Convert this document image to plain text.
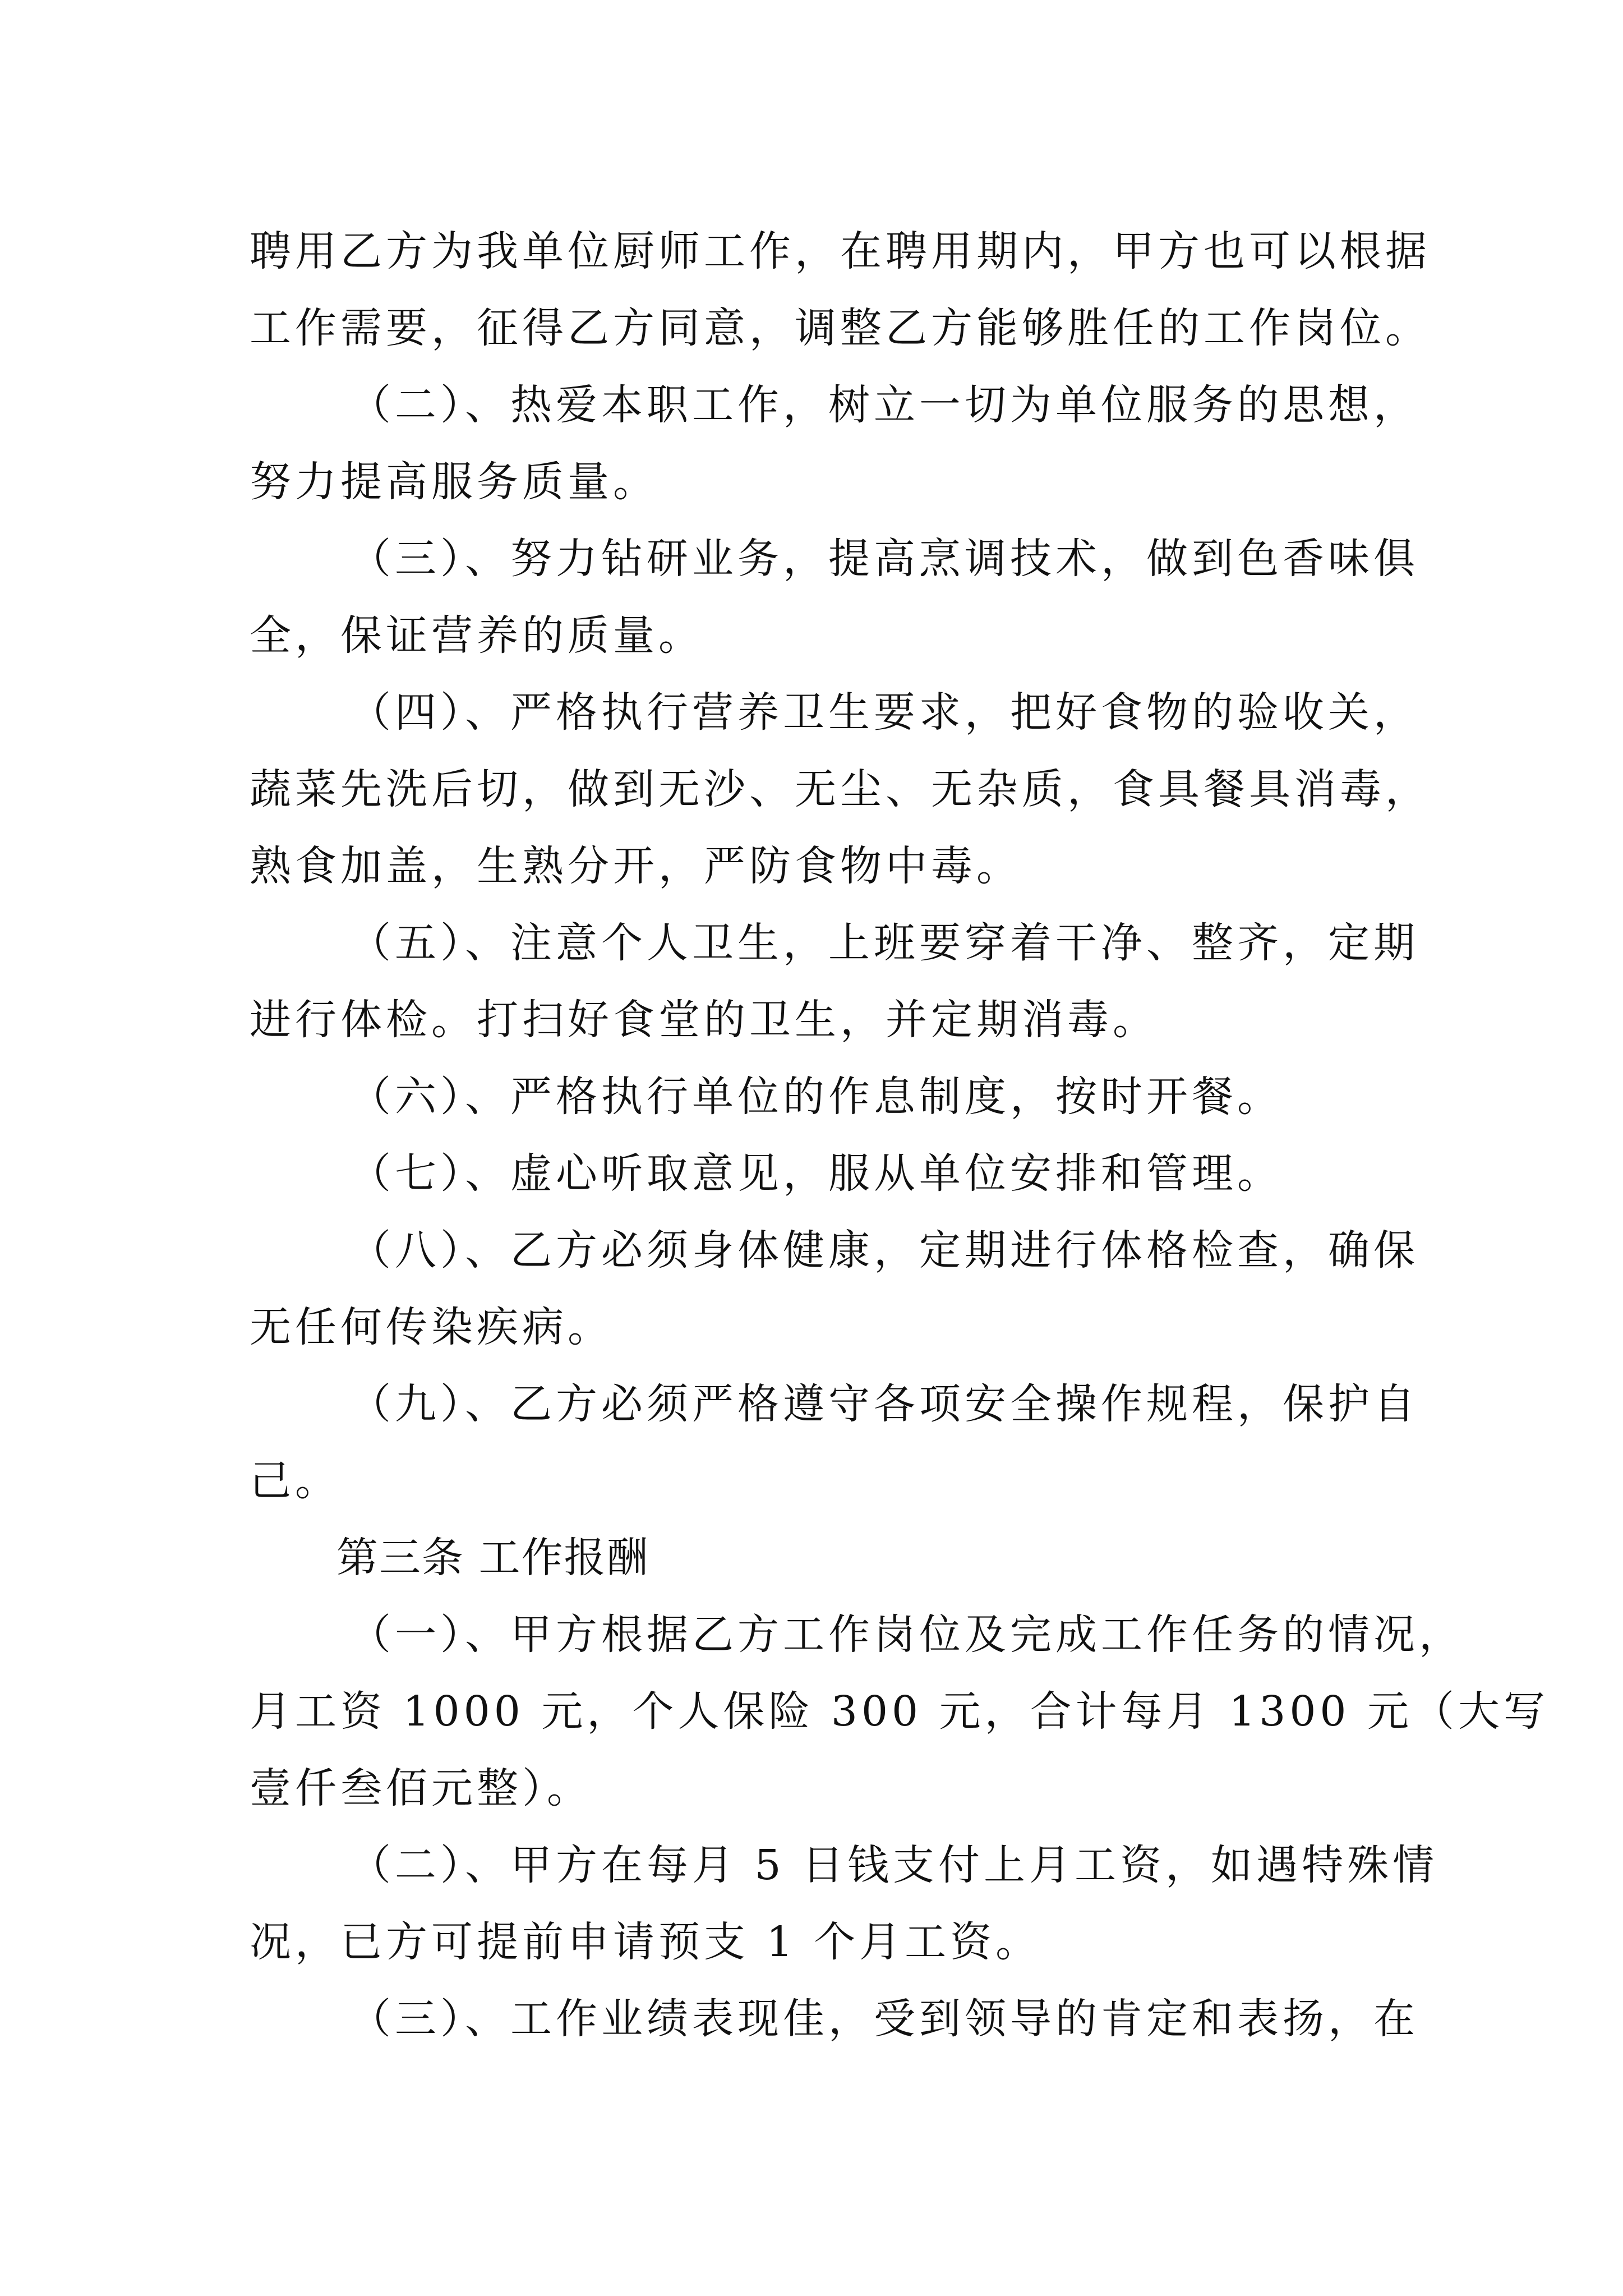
聘用乙方为我单位厨师工作，在聘用期内，甲方也可以根据
工作需要，征得乙方同意，调整乙方能够胜任的工作岗位。
（二）、热爱本职工作，树立一切为单位服务的思想，
努力提高服务质量。
（三）、努力钻研业务，提高烹调技术，做到色香味俱
全，保证营养的质量。
（四）、严格执行营养卫生要求，把好食物的验收关，
蔬菜先洗后切，做到无沙、无尘、无杂质，食具餐具消毒，
熟食加盖，生熟分开，严防食物中毒。
（五）、注意个人卫生，上班要穿着干净、整齐，定期
进行体检。打扫好食堂的卫生，并定期消毒。
（六）、严格执行单位的作息制度，按时开餐。
（七）、虚心听取意见，服从单位安排和管理。
（八）、乙方必须身体健康，定期进行体格检查，确保
无任何传染疾病。
（九）、乙方必须严格遵守各项安全操作规程，保护自
己。
第三条 工作报酬
（一）、甲方根据乙方工作岗位及完成工作任务的情况，
月工资 1000 元，个人保险 300 元，合计每月 1300 元（大写
壹仟叁佰元整）。
（二）、甲方在每月 5 日钱支付上月工资，如遇特殊情
况，已方可提前申请预支 1 个月工资。
（三）、工作业绩表现佳，受到领导的肯定和表扬，在
